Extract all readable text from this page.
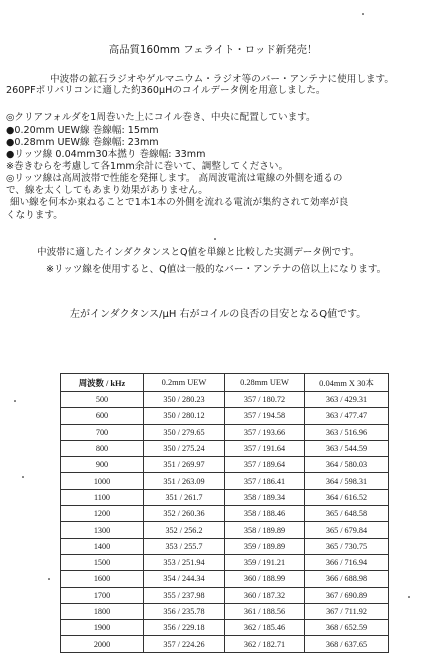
高品質160mm フェライト・ロッド新発売！
中波帯の鉱石ラジオやゲルマニウム・ラジオ等のバー・アンテナに使用します。
260PFポリバリコンに適した約360μHのコイルデータ例を用意しました。
◎クリアフォルダを1周巻いた上にコイル巻き、中央に配置しています。
●0.20mm UEW線 巻線幅: 15mm
●0.28mm UEW線 巻線幅: 23mm
●リッツ線 0.04mm30本撚り 巻線幅: 33mm
※巻きむらを考慮して各1mm余計に巻いて、調整してください。
◎リッツ線は高周波帯で性能を発揮します。 高周波電流は電線の外側を通るの
で、線を太くしてもあまり効果がありません。
細い線を何本か束ねることで1本1本の外側を流れる電流が集約されて効率が良
くなります。
中波帯に適したインダクタンスとQ値を単線と比較した実測データ例です。
※リッツ線を使用すると、Q値は一般的なバー・アンテナの倍以上になります。
左がインダクタンス/μH 右がコイルの良否の目安となるQ値です。
周波数 / kHz	0.2mm UEW	0.28mm UEW	0.04mm X 30本
500	350 / 280.23	357 / 180.72	363 / 429.31
600	350 / 280.12	357 / 194.58	363 / 477.47
700	350 / 279.65	357 / 193.66	363 / 516.96
800	350 / 275.24	357 / 191.64	363 / 544.59
900	351 / 269.97	357 / 189.64	364 / 580.03
1000	351 / 263.09	357 / 186.41	364 / 598.31
1100	351 / 261.7	358 / 189.34	364 / 616.52
1200	352 / 260.36	358 / 188.46	365 / 648.58
1300	352 / 256.2	358 / 189.89	365 / 679.84
1400	353 / 255.7	359 / 189.89	365 / 730.75
1500	353 / 251.94	359 / 191.21	366 / 716.94
1600	354 / 244.34	360 / 188.99	366 / 688.98
1700	355 / 237.98	360 / 187.32	367 / 690.89
1800	356 / 235.78	361 / 188.56	367 / 711.92
1900	356 / 229.18	362 / 185.46	368 / 652.59
2000	357 / 224.26	362 / 182.71	368 / 637.65
